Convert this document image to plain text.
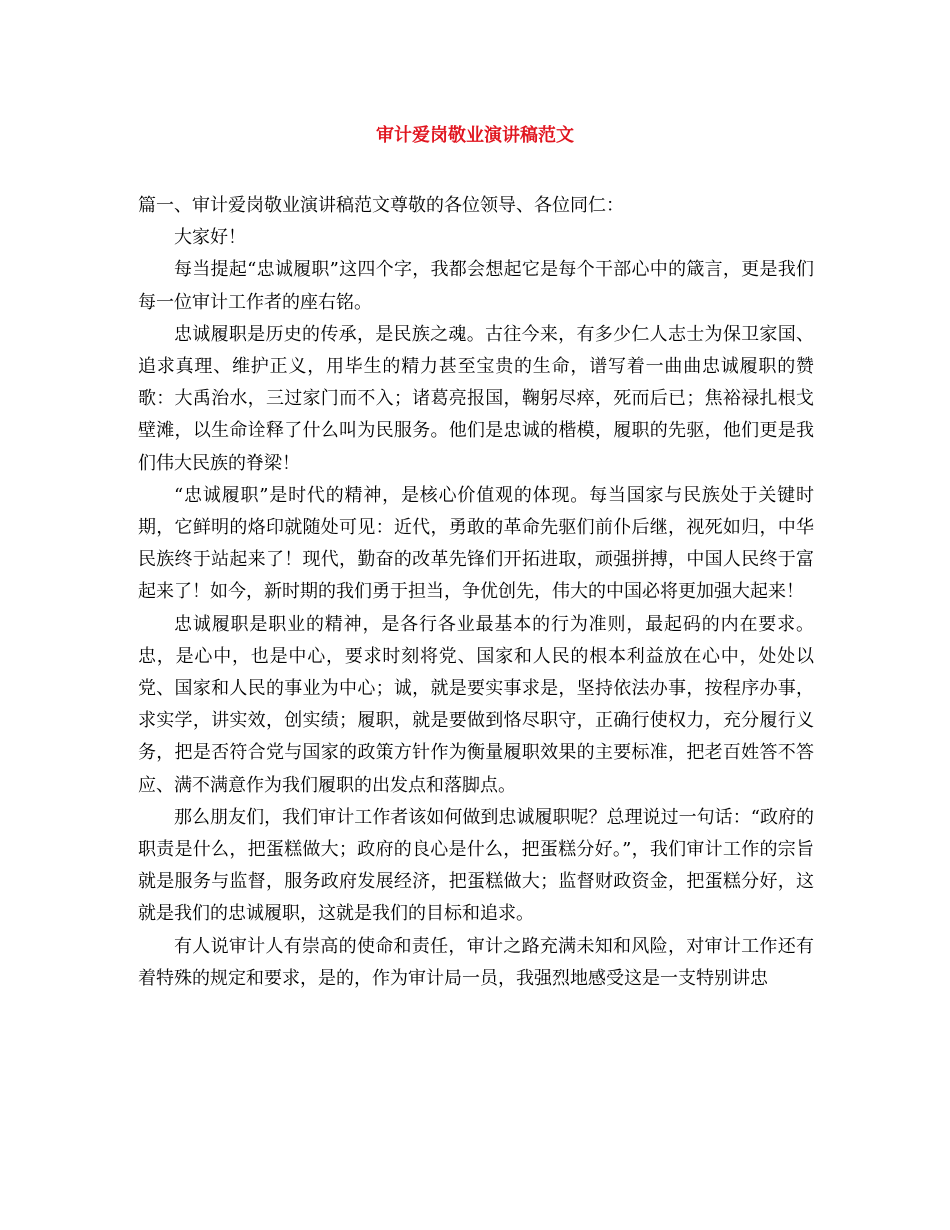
审计爱岗敬业演讲稿范文

篇一、审计爱岗敬业演讲稿范文尊敬的各位领导、各位同仁：

大家好！

每当提起“忠诚履职”这四个字，我都会想起它是每个干部心中的箴言，更是我们每一位审计工作者的座右铭。

忠诚履职是历史的传承，是民族之魂。古往今来，有多少仁人志士为保卫家国、追求真理、维护正义，用毕生的精力甚至宝贵的生命，谱写着一曲曲忠诚履职的赞歌：大禹治水，三过家门而不入；诸葛亮报国，鞠躬尽瘁，死而后已；焦裕禄扎根戈壁滩，以生命诠释了什么叫为民服务。他们是忠诚的楷模，履职的先驱，他们更是我们伟大民族的脊梁！

“忠诚履职”是时代的精神，是核心价值观的体现。每当国家与民族处于关键时期，它鲜明的烙印就随处可见：近代，勇敢的革命先驱们前仆后继，视死如归，中华民族终于站起来了！现代，勤奋的改革先锋们开拓进取，顽强拼搏，中国人民终于富起来了！如今，新时期的我们勇于担当，争优创先，伟大的中国必将更加强大起来！

忠诚履职是职业的精神，是各行各业最基本的行为准则，最起码的内在要求。忠，是心中，也是中心，要求时刻将党、国家和人民的根本利益放在心中，处处以党、国家和人民的事业为中心；诚，就是要实事求是，坚持依法办事，按程序办事，求实学，讲实效，创实绩；履职，就是要做到恪尽职守，正确行使权力，充分履行义务，把是否符合党与国家的政策方针作为衡量履职效果的主要标准，把老百姓答不答应、满不满意作为我们履职的出发点和落脚点。

那么朋友们，我们审计工作者该如何做到忠诚履职呢？总理说过一句话：“政府的职责是什么，把蛋糕做大；政府的良心是什么，把蛋糕分好。”，我们审计工作的宗旨就是服务与监督，服务政府发展经济，把蛋糕做大；监督财政资金，把蛋糕分好，这就是我们的忠诚履职，这就是我们的目标和追求。

有人说审计人有崇高的使命和责任，审计之路充满未知和风险，对审计工作还有着特殊的规定和要求，是的，作为审计局一员，我强烈地感受这是一支特别讲忠
